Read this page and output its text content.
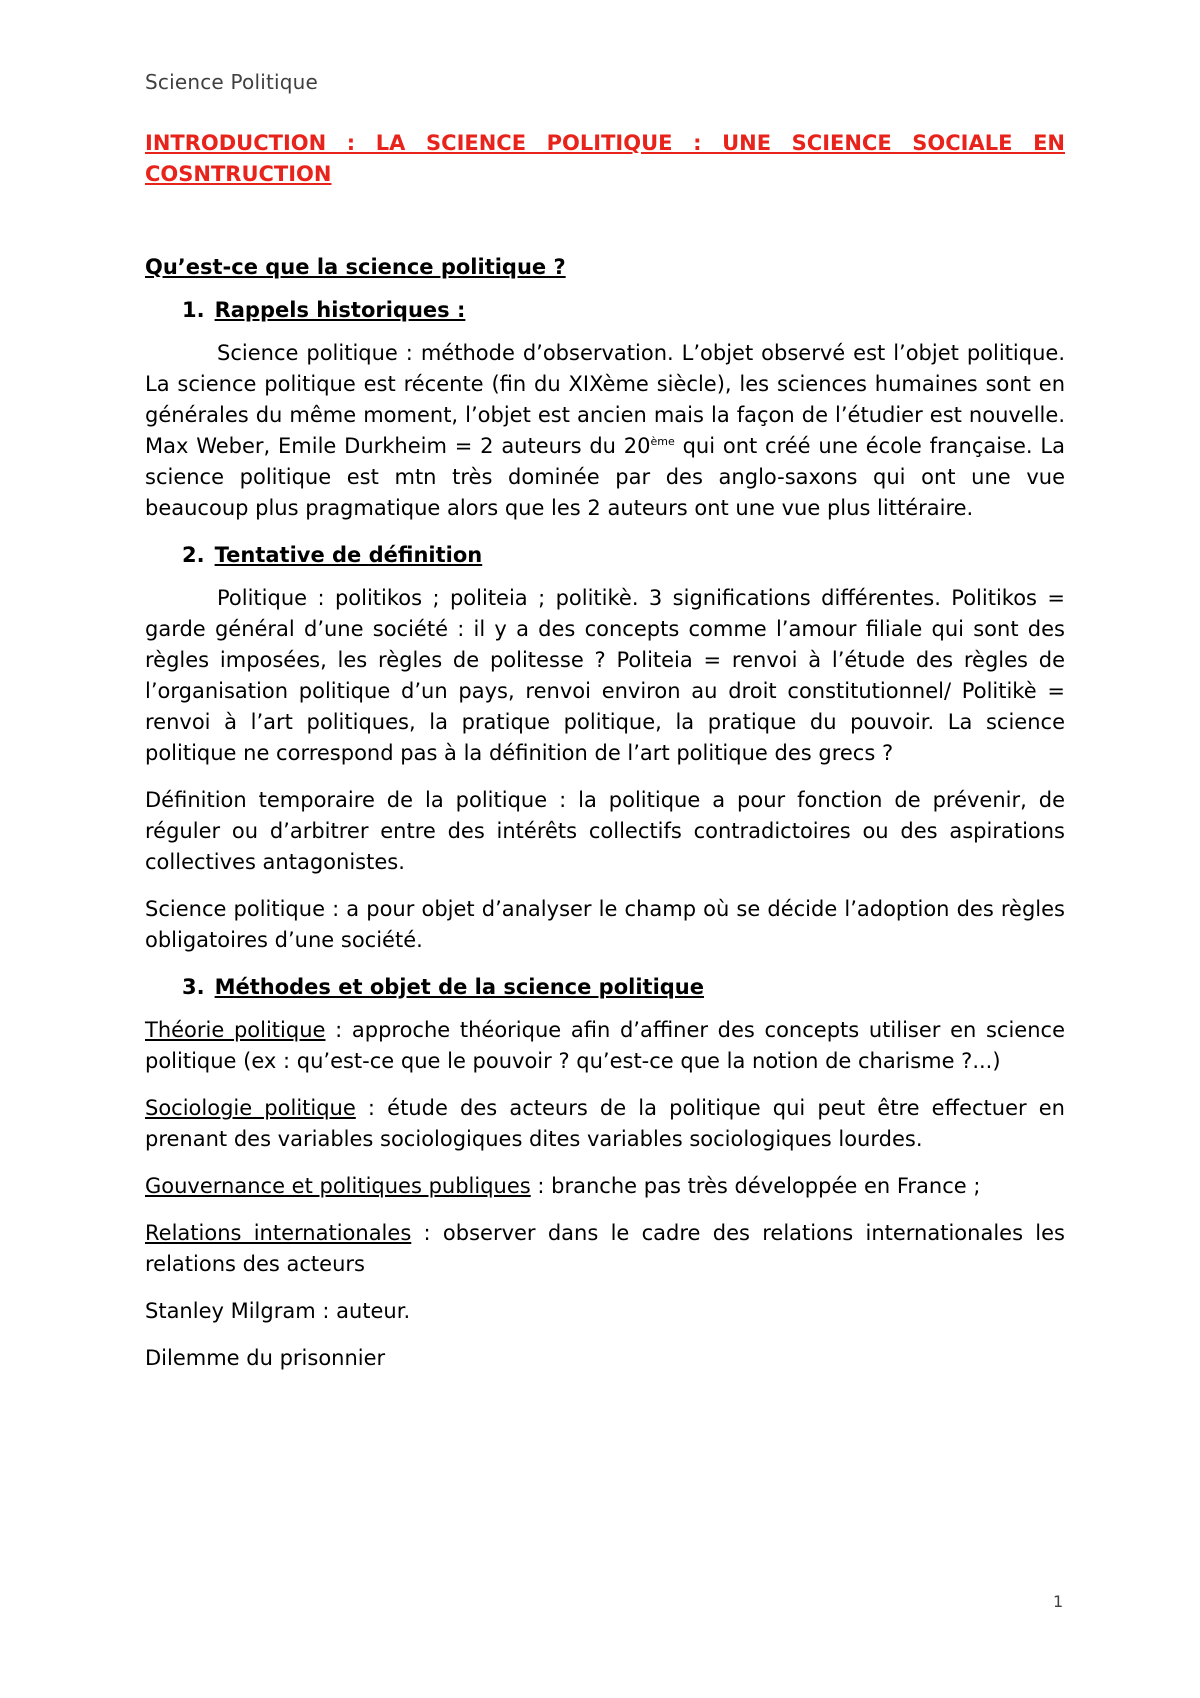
Science Politique
INTRODUCTION : LA SCIENCE POLITIQUE : UNE SCIENCE SOCIALE EN COSNTRUCTION
Qu’est-ce que la science politique ?
1. Rappels historiques :

Science politique : méthode d’observation. L’objet observé est l’objet politique. La science politique est récente (fin du XIXème siècle), les sciences humaines sont en générales du même moment, l’objet est ancien mais la façon de l’étudier est nouvelle. Max Weber, Emile Durkheim = 2 auteurs du 20ème qui ont créé une école française. La science politique est mtn très dominée par des anglo-saxons qui ont une vue beaucoup plus pragmatique alors que les 2 auteurs ont une vue plus littéraire.

2. Tentative de définition

Politique : politikos ; politeia ; politikè. 3 significations différentes. Politikos = garde général d’une société : il y a des concepts comme l’amour filiale qui sont des règles imposées, les règles de politesse ? Politeia = renvoi à l’étude des règles de l’organisation politique d’un pays, renvoi environ au droit constitutionnel/ Politikè = renvoi à l’art politiques, la pratique politique, la pratique du pouvoir. La science politique ne correspond pas à la définition de l’art politique des grecs ?

Définition temporaire de la politique : la politique a pour fonction de prévenir, de réguler ou d’arbitrer entre des intérêts collectifs contradictoires ou des aspirations collectives antagonistes.

Science politique : a pour objet d’analyser le champ où se décide l’adoption des règles obligatoires d’une société.

3. Méthodes et objet de la science politique

Théorie politique : approche théorique afin d’affiner des concepts utiliser en science politique (ex : qu’est-ce que le pouvoir ? qu’est-ce que la notion de charisme ?...)

Sociologie politique : étude des acteurs de la politique qui peut être effectuer en prenant des variables sociologiques dites variables sociologiques lourdes.

Gouvernance et politiques publiques : branche pas très développée en France ;

Relations internationales : observer dans le cadre des relations internationales les relations des acteurs

Stanley Milgram : auteur.

Dilemme du prisonnier

1
